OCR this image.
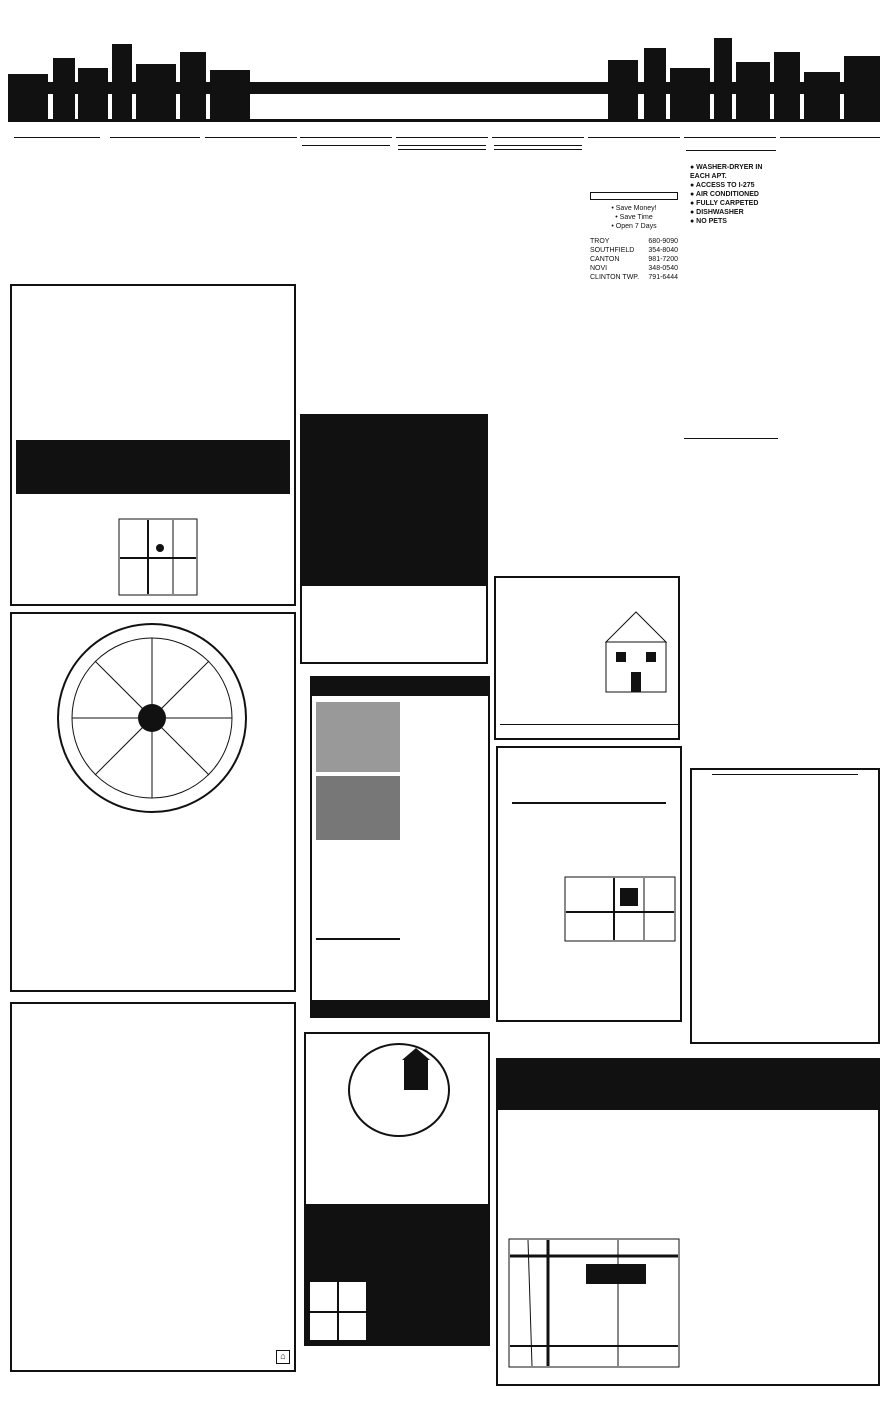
• Save Money!
• Save Time
• Open 7 Days
TROY	680-9090
SOUTHFIELD 354-8040
CANTON	981-7200
NOVI	348-0540
CLINTON TWP. 791-6444
● WASHER-DRYER IN EACH APT.
● ACCESS TO I-275
● AIR CONDITIONED
● FULLY CARPETED
● DISHWASHER
● NO PETS
⌂
